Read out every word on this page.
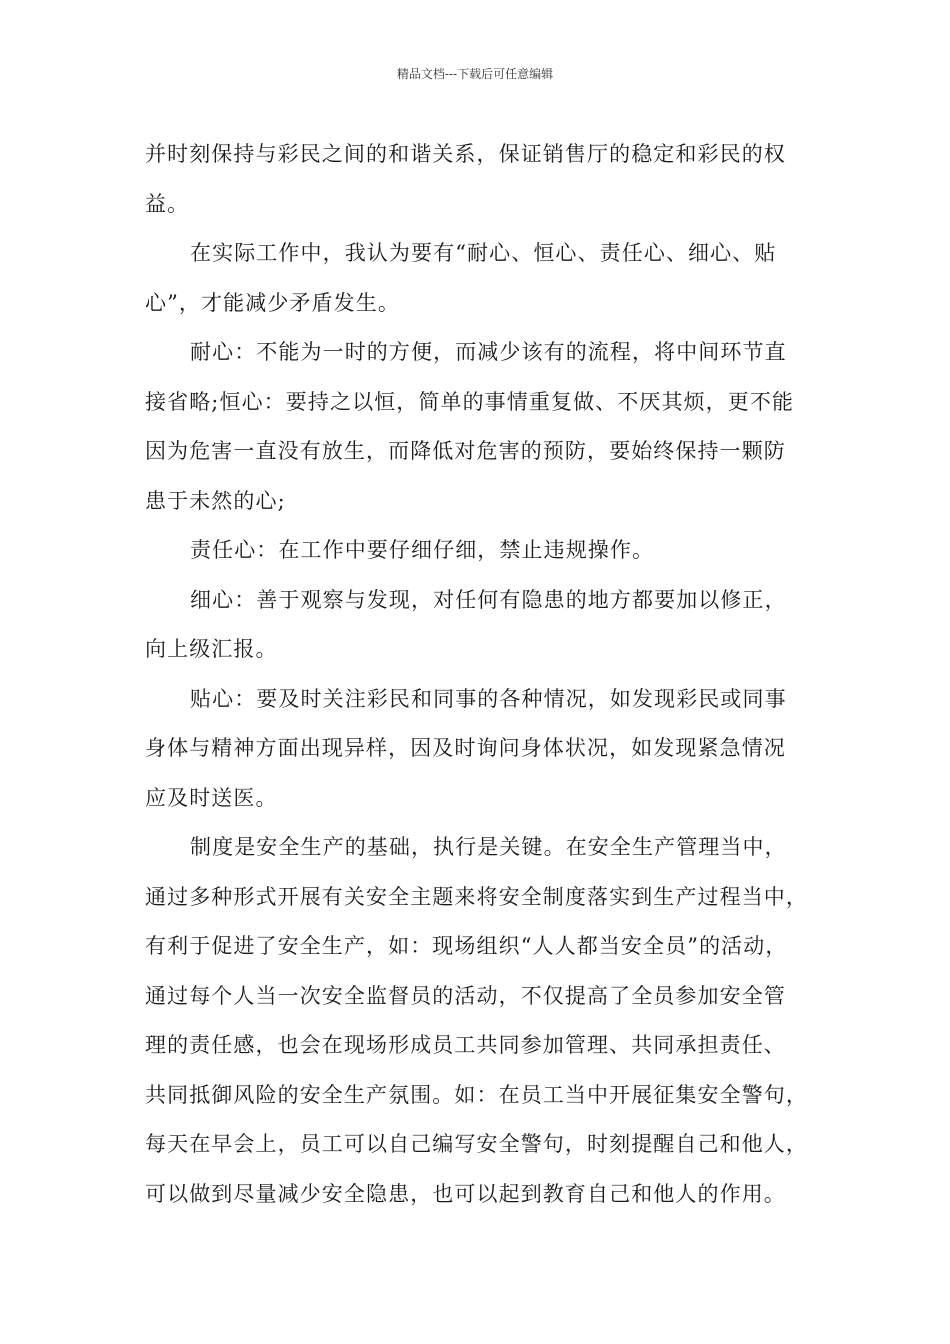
精品文档---下载后可任意编辑
并时刻保持与彩民之间的和谐关系，保证销售厅的稳定和彩民的权
益。
在实际工作中，我认为要有“耐心、恒心、责任心、细心、贴
心”，才能减少矛盾发生。
耐心：不能为一时的方便，而减少该有的流程，将中间环节直
接省略;恒心：要持之以恒，简单的事情重复做、不厌其烦，更不能
因为危害一直没有放生，而降低对危害的预防，要始终保持一颗防
患于未然的心;
责任心：在工作中要仔细仔细，禁止违规操作。
细心：善于观察与发现，对任何有隐患的地方都要加以修正，
向上级汇报。
贴心：要及时关注彩民和同事的各种情况，如发现彩民或同事
身体与精神方面出现异样，因及时询问身体状况，如发现紧急情况
应及时送医。
制度是安全生产的基础，执行是关键。在安全生产管理当中，
通过多种形式开展有关安全主题来将安全制度落实到生产过程当中，
有利于促进了安全生产，如：现场组织“人人都当安全员”的活动，
通过每个人当一次安全监督员的活动，不仅提高了全员参加安全管
理的责任感，也会在现场形成员工共同参加管理、共同承担责任、
共同抵御风险的安全生产氛围。如：在员工当中开展征集安全警句，
每天在早会上，员工可以自己编写安全警句，时刻提醒自己和他人，
可以做到尽量减少安全隐患，也可以起到教育自己和他人的作用。
